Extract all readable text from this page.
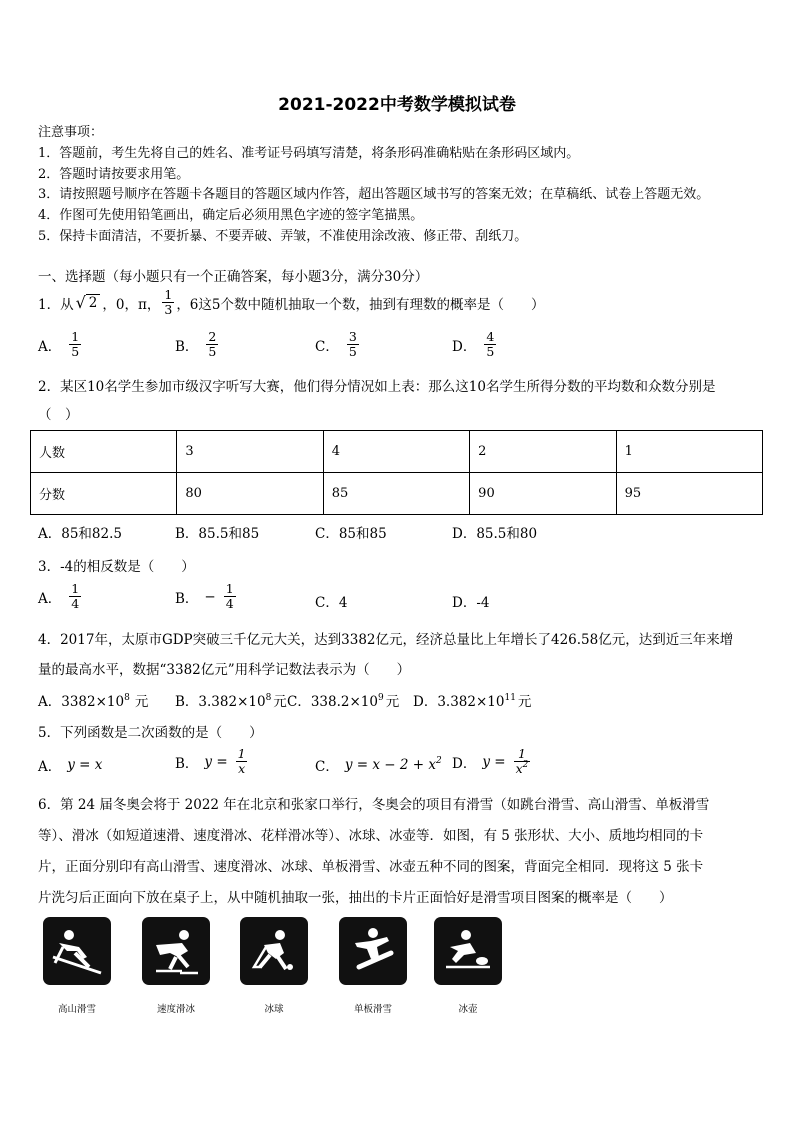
2021-2022中考数学模拟试卷
注意事项：
1．答题前，考生先将自己的姓名、准考证号码填写清楚，将条形码准确粘贴在条形码区域内。
2．答题时请按要求用笔。
3．请按照题号顺序在答题卡各题目的答题区域内作答，超出答题区域书写的答案无效；在草稿纸、试卷上答题无效。
4．作图可先使用铅笔画出，确定后必须用黑色字迹的签字笔描黑。
5．保持卡面清洁，不要折暴、不要弄破、弄皱，不准使用涂改液、修正带、刮纸刀。
一、选择题（每小题只有一个正确答案，每小题3分，满分30分）
1．从 √ 2 ，0，π， $\frac{1}{3}$ ，6这5个数中随机抽取一个数，抽到有理数的概率是（　　）
A． $\frac{1}{5}$	B． $\frac{2}{5}$	C． $\frac{3}{5}$	D． $\frac{4}{5}$
2．某区10名学生参加市级汉字听写大赛，他们得分情况如上表：那么这10名学生所得分数的平均数和众数分别是
（　）
人数	3	4	2	1
分数	80	85	90	95
A．85和82.5	B．85.5和85	C．85和85	D．85.5和80
3．-4的相反数是（　　）
A． $\frac{1}{4}$	B． − $\frac{1}{4}$	C．4	D．-4
4．2017年，太原市GDP突破三千亿元大关，达到3382亿元，经济总量比上年增长了426.58亿元，达到近三年来增
量的最高水平，数据“3382亿元”用科学记数法表示为（　　）
A．$3382\times 10^8$ 元 B．$3.382\times 10^8$ 元 C．$338.2\times 10^9$ 元 D．$3.382\times 10^{11}$ 元
5．下列函数是二次函数的是（　　）
A． y = x	B． $y = \frac{1}{x}$	C． $y = x - 2 + x^2$ D． $y = \frac{1}{x^2}$
6．第 24 届冬奥会将于 2022 年在北京和张家口举行，冬奥会的项目有滑雪（如跳台滑雪、高山滑雪、单板滑雪
等）、滑冰（如短道速滑、速度滑冰、花样滑冰等）、冰球、冰壶等．如图，有 5 张形状、大小、质地均相同的卡
片，正面分别印有高山滑雪、速度滑冰、冰球、单板滑雪、冰壶五种不同的图案，背面完全相同．现将这 5 张卡
片洗匀后正面向下放在桌子上，从中随机抽取一张，抽出的卡片正面恰好是滑雪项目图案的概率是（　　）
高山滑雪	速度滑冰	冰球	单板滑雪	冰壶
